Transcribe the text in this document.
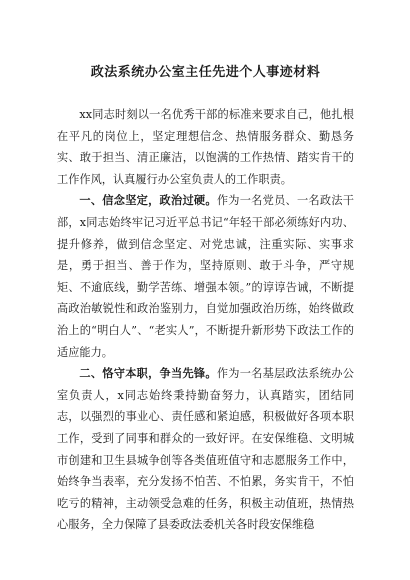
政法系统办公室主任先进个人事迹材料

xx同志时刻以一名优秀干部的标准来要求自己，他扎根在平凡的岗位上，坚定理想信念、热情服务群众、勤恳务实、敢于担当、清正廉洁，以饱满的工作热情、踏实肯干的工作作风，认真履行办公室负责人的工作职责。

一、信念坚定，政治过硬。作为一名党员、一名政法干部，x同志始终牢记习近平总书记“年轻干部必须练好内功、提升修养，做到信念坚定、对党忠诚，注重实际、实事求是，勇于担当、善于作为，坚持原则、敢于斗争，严守规矩、不逾底线，勤学苦练、增强本领。”的谆谆告诫，不断提高政治敏锐性和政治鉴别力，自觉加强政治历练，始终做政治上的“明白人”、“老实人”，不断提升新形势下政法工作的适应能力。

二、恪守本职，争当先锋。作为一名基层政法系统办公室负责人，x同志始终秉持勤奋努力，认真踏实，团结同志，以强烈的事业心、责任感和紧迫感，积极做好各项本职工作，受到了同事和群众的一致好评。在安保维稳、文明城市创建和卫生县城争创等各类值班值守和志愿服务工作中，始终争当表率，充分发扬不怕苦、不怕累，务实肯干，不怕吃亏的精神，主动领受急难的任务，积极主动值班，热情热心服务，全力保障了县委政法委机关各时段安保维稳
